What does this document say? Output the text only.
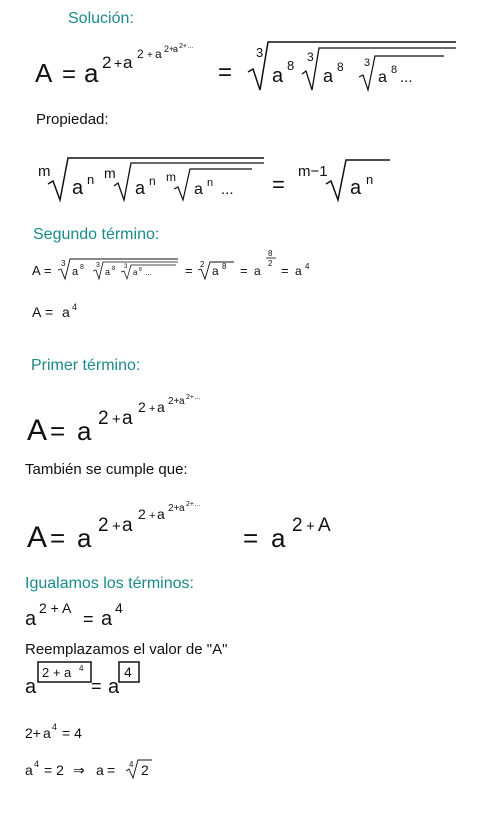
Solución:
Propiedad:
Segundo término:
Primer término:
También se cumple que:
Igualamos los términos:
Reemplazamos el valor de "A"
A = a 2 + a 2 + a 2+
a 2+ …
=
3
a 8
3
a 8 3
a 8 ...
m
a n m
a n m
a n ... =
m−1
a n
A = 3
a 8 3
a 8 3
a 8 ...	= 2 a 8 = a
8
2 = a 4
A = a 4
A = a 2 + a
2 + a 2+ a 2+ …
A = a 2 + a
2 + a 2+ a 2+ …
= a 2 + A
a 2 + A
= a 4
a
2 + a 4
= a
4
2+ a 4 = 4
a 4 = 2 ⇒ a = 4 2
